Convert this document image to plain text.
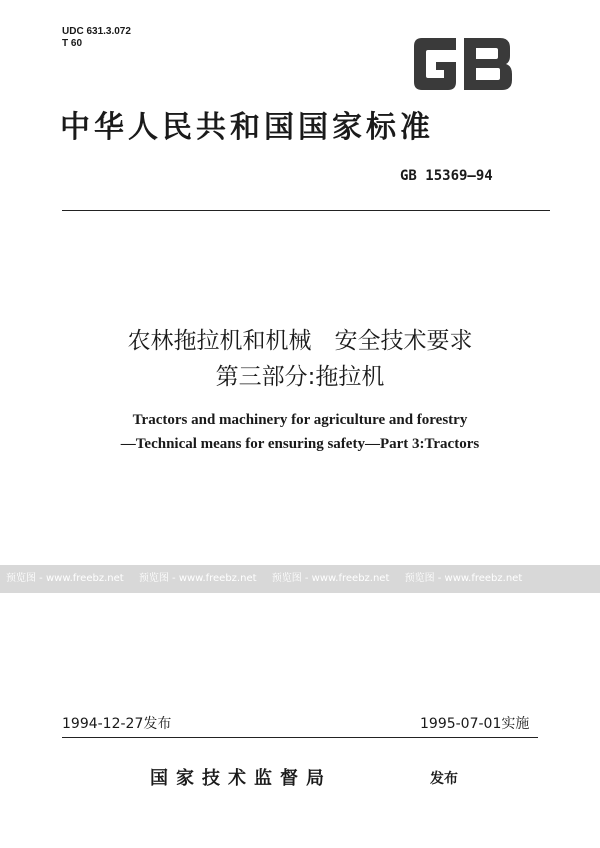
UDC 631.3.072
T 60
中华人民共和国国家标准
GB 15369—94
农林拖拉机和机械　安全技术要求
第三部分:拖拉机
Tractors and machinery for agriculture and forestry
—Technical means for ensuring safety—Part 3:Tractors
预览图 - www.freebz.net 预览图 - www.freebz.net 预览图 - www.freebz.net 预览图 - www.freebz.net
1994-12-27发布	1995-07-01实施
国家技术监督局	发布
